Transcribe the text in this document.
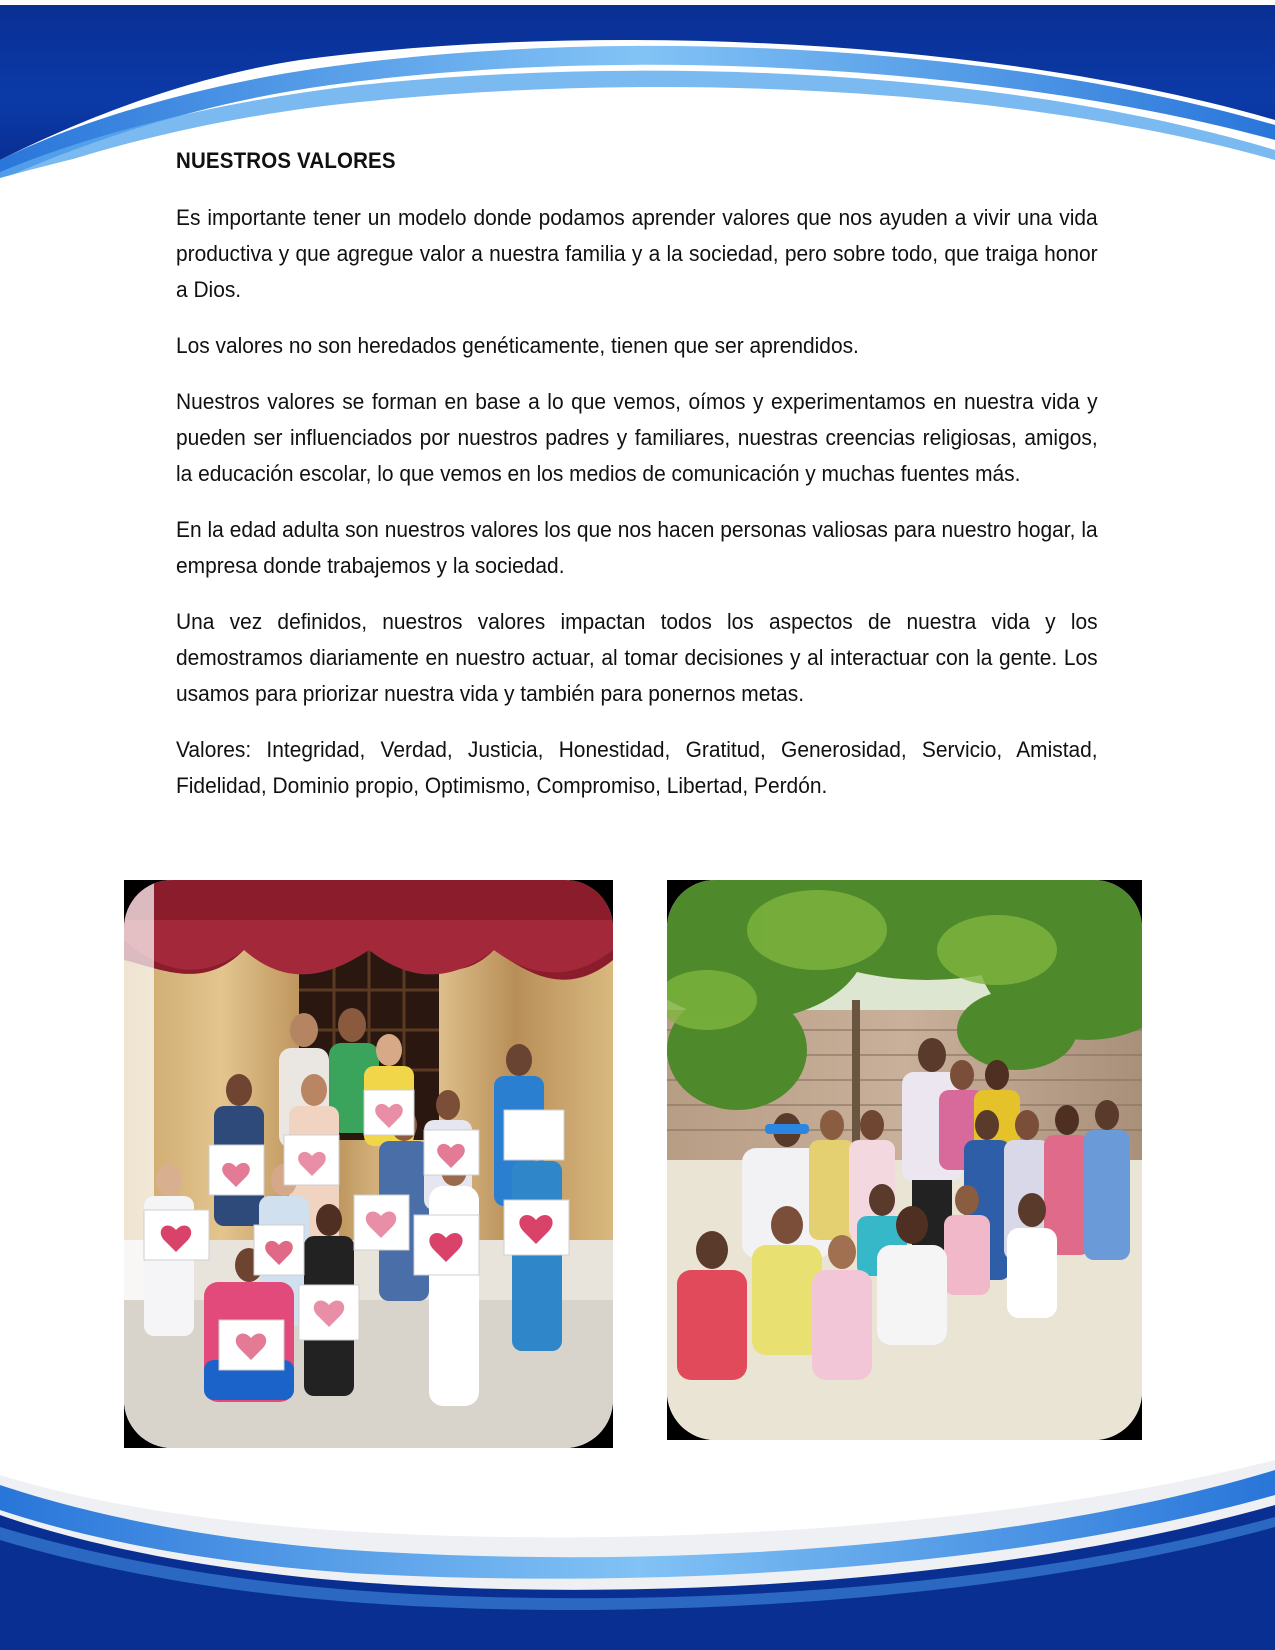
NUESTROS VALORES

Es importante tener un modelo donde podamos aprender valores que nos ayuden a vivir una vida productiva y que agregue valor a nuestra familia y a la sociedad, pero sobre todo, que traiga honor a Dios.

Los valores no son heredados genéticamente, tienen que ser aprendidos.

Nuestros valores se forman en base a lo que vemos, oímos y experimentamos en nuestra vida y pueden ser influenciados por nuestros padres y familiares, nuestras creencias religiosas, amigos, la educación escolar, lo que vemos en los medios de comunicación y muchas fuentes más.

En la edad adulta son nuestros valores los que nos hacen personas valiosas para nuestro hogar, la empresa donde trabajemos y la sociedad.

Una vez definidos, nuestros valores impactan todos los aspectos de nuestra vida y los demostramos diariamente en nuestro actuar, al tomar decisiones y al interactuar con la gente. Los usamos para priorizar nuestra vida y también para ponernos metas.

Valores: Integridad, Verdad, Justicia, Honestidad, Gratitud, Generosidad, Servicio, Amistad, Fidelidad, Dominio propio, Optimismo, Compromiso, Libertad, Perdón.
